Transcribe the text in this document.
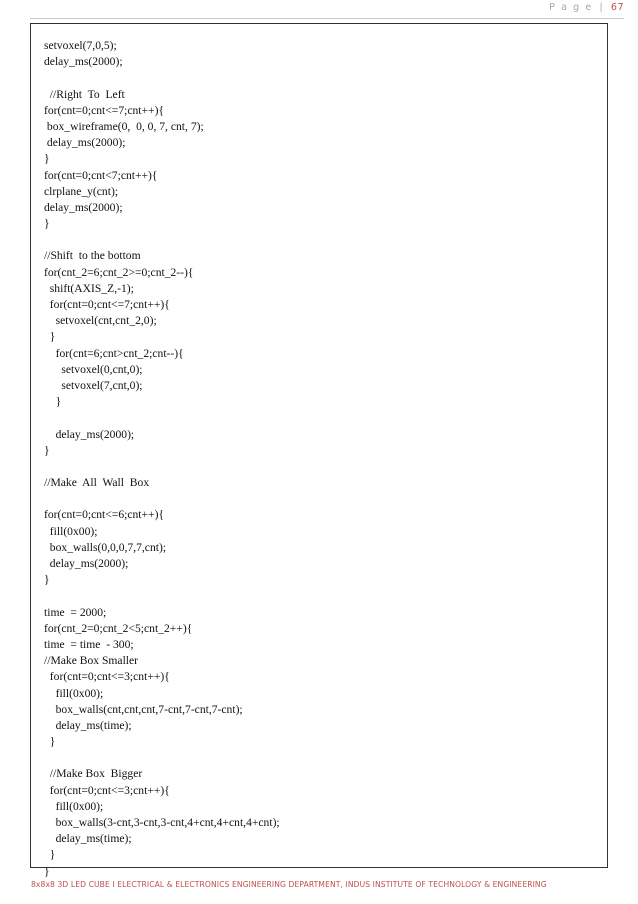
P a g e | 67
setvoxel(7,0,5);
delay_ms(2000);
//Right  To  Left
for(cnt=0;cnt<=7;cnt++){
box_wireframe(0,  0, 0, 7, cnt, 7);
delay_ms(2000);
}
for(cnt=0;cnt<7;cnt++){
clrplane_y(cnt);
delay_ms(2000);
}
//Shift  to the bottom
for(cnt_2=6;cnt_2>=0;cnt_2--){
shift(AXIS_Z,-1);
for(cnt=0;cnt<=7;cnt++){
setvoxel(cnt,cnt_2,0);
}
for(cnt=6;cnt>cnt_2;cnt--){
setvoxel(0,cnt,0);
setvoxel(7,cnt,0);
}
delay_ms(2000);
}
//Make  All  Wall  Box
for(cnt=0;cnt<=6;cnt++){
fill(0x00);
box_walls(0,0,0,7,7,cnt);
delay_ms(2000);
}
time  = 2000;
for(cnt_2=0;cnt_2<5;cnt_2++){
time  = time  - 300;
//Make Box Smaller
for(cnt=0;cnt<=3;cnt++){
fill(0x00);
box_walls(cnt,cnt,cnt,7-cnt,7-cnt,7-cnt);
delay_ms(time);
}
//Make Box  Bigger
for(cnt=0;cnt<=3;cnt++){
fill(0x00);
box_walls(3-cnt,3-cnt,3-cnt,4+cnt,4+cnt,4+cnt);
delay_ms(time);
}
}
8x8x8 3D LED CUBE I ELECTRICAL & ELECTRONICS ENGINEERING DEPARTMENT, INDUS INSTITUTE OF TECHNOLOGY & ENGINEERING
